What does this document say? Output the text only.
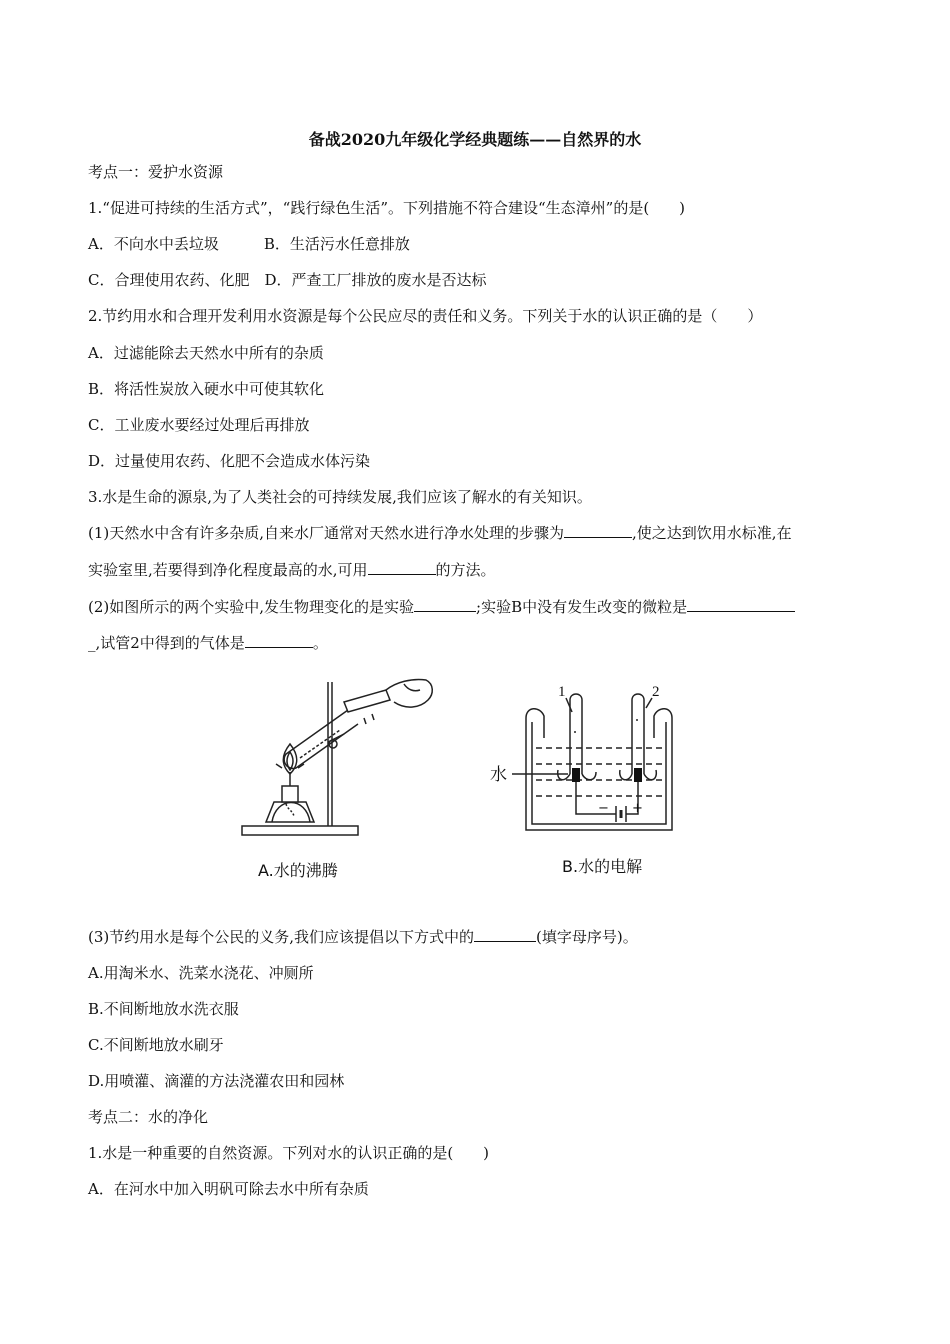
备战2020九年级化学经典题练——自然界的水
考点一：爱护水资源
1.“促进可持续的生活方式”，“践行绿色生活”。下列措施不符合建设“生态漳州”的是(　　)
A．不向水中丢垃圾　　　B．生活污水任意排放
C．合理使用农药、化肥　D．严查工厂排放的废水是否达标
2.节约用水和合理开发利用水资源是每个公民应尽的责任和义务。下列关于水的认识正确的是（　　）
A．过滤能除去天然水中所有的杂质
B．将活性炭放入硬水中可使其软化
C．工业废水要经过处理后再排放
D．过量使用农药、化肥不会造成水体污染
3.水是生命的源泉,为了人类社会的可持续发展,我们应该了解水的有关知识。
(1)天然水中含有许多杂质,自来水厂通常对天然水进行净水处理的步骤为	,使之达到饮用水标准,在
实验室里,若要得到净化程度最高的水,可用	的方法。
(2)如图所示的两个实验中,发生物理变化的是实验	;实验B中没有发生改变的微粒是
_,试管2中得到的气体是	。
A.水的沸腾
1	2
水
− +
B.水的电解
(3)节约用水是每个公民的义务,我们应该提倡以下方式中的	(填字母序号)。
A.用淘米水、洗菜水浇花、冲厕所
B.不间断地放水洗衣服
C.不间断地放水刷牙
D.用喷灌、滴灌的方法浇灌农田和园林
考点二：水的净化
1.水是一种重要的自然资源。下列对水的认识正确的是(　　)
A．在河水中加入明矾可除去水中所有杂质
